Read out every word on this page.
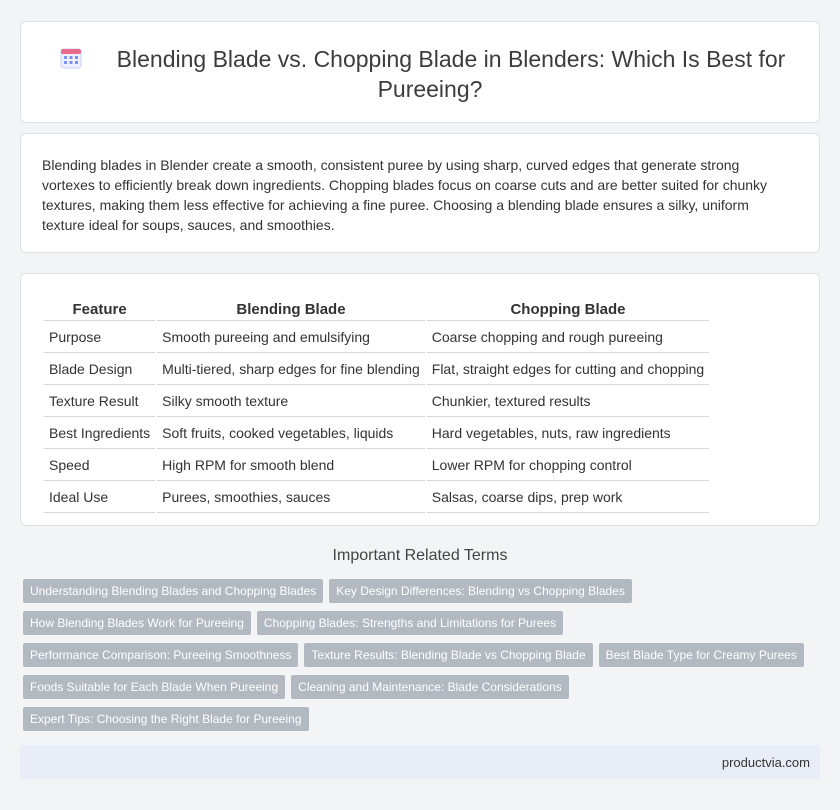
Blending Blade vs. Chopping Blade in Blenders: Which Is Best for Pureeing?

Blending blades in Blender create a smooth, consistent puree by using sharp, curved edges that generate strong vortexes to efficiently break down ingredients. Chopping blades focus on coarse cuts and are better suited for chunky textures, making them less effective for achieving a fine puree. Choosing a blending blade ensures a silky, uniform texture ideal for soups, sauces, and smoothies.

Feature	Blending Blade	Chopping Blade
Purpose	Smooth pureeing and emulsifying	Coarse chopping and rough pureeing
Blade Design	Multi-tiered, sharp edges for fine blending	Flat, straight edges for cutting and chopping
Texture Result	Silky smooth texture	Chunkier, textured results
Best Ingredients	Soft fruits, cooked vegetables, liquids	Hard vegetables, nuts, raw ingredients
Speed	High RPM for smooth blend	Lower RPM for chopping control
Ideal Use	Purees, smoothies, sauces	Salsas, coarse dips, prep work
Important Related Terms
Understanding Blending Blades and Chopping Blades	Key Design Differences: Blending vs Chopping Blades
How Blending Blades Work for Pureeing	Chopping Blades: Strengths and Limitations for Purees
Performance Comparison: Pureeing Smoothness	Texture Results: Blending Blade vs Chopping Blade	Best Blade Type for Creamy Purees
Foods Suitable for Each Blade When Pureeing	Cleaning and Maintenance: Blade Considerations
Expert Tips: Choosing the Right Blade for Pureeing
productvia.com
